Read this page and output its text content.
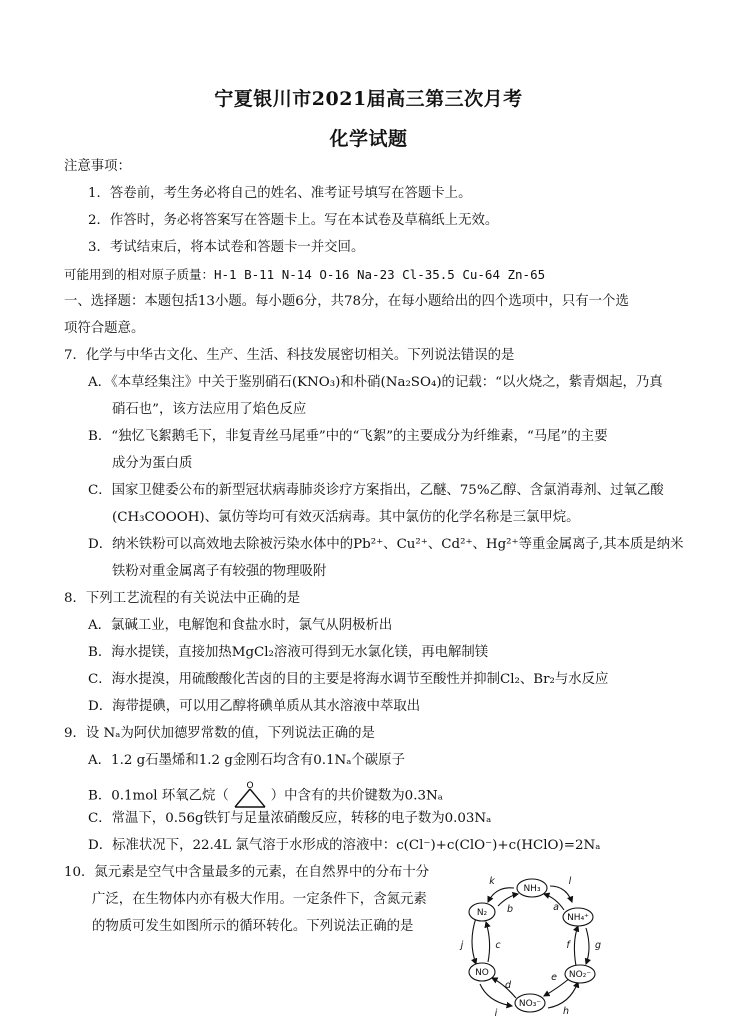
宁夏银川市2021届高三第三次月考
化学试题
注意事项：
1．答卷前，考生务必将自己的姓名、准考证号填写在答题卡上。
2．作答时，务必将答案写在答题卡上。写在本试卷及草稿纸上无效。
3．考试结束后，将本试卷和答题卡一并交回。
可能用到的相对原子质量：H-1 B-11 N-14 O-16 Na-23 Cl-35.5 Cu-64 Zn-65
一、选择题：本题包括13小题。每小题6分，共78分，在每小题给出的四个选项中，只有一个选
项符合题意。
7．化学与中华古文化、生产、生活、科技发展密切相关。下列说法错误的是
A．《本草经集注》中关于鉴别硝石(KNO₃)和朴硝(Na₂SO₄)的记载：“以火烧之，紫青烟起，乃真
硝石也”，该方法应用了焰色反应
B．“独忆飞絮鹅毛下，非复青丝马尾垂”中的“飞絮”的主要成分为纤维素，“马尾”的主要
成分为蛋白质
C．国家卫健委公布的新型冠状病毒肺炎诊疗方案指出，乙醚、75%乙醇、含氯消毒剂、过氧乙酸
(CH₃COOOH)、氯仿等均可有效灭活病毒。其中氯仿的化学名称是三氯甲烷。
D．纳米铁粉可以高效地去除被污染水体中的Pb²⁺、Cu²⁺、Cd²⁺、Hg²⁺等重金属离子,其本质是纳米
铁粉对重金属离子有较强的物理吸附
8．下列工艺流程的有关说法中正确的是
A．氯碱工业，电解饱和食盐水时，氯气从阴极析出
B．海水提镁，直接加热MgCl₂溶液可得到无水氯化镁，再电解制镁
C．海水提溴，用硫酸酸化苦卤的目的主要是将海水调节至酸性并抑制Cl₂、Br₂与水反应
D．海带提碘，可以用乙醇将碘单质从其水溶液中萃取出
9．设 Nₐ为阿伏加德罗常数的值，下列说法正确的是
A．1.2 g石墨烯和1.2 g金刚石均含有0.1Nₐ个碳原子
B．0.1mol 环氧乙烷（
O
）中含有的共价键数为0.3Nₐ
C．常温下，0.56g铁钉与足量浓硝酸反应，转移的电子数为0.03Nₐ
D．标准状况下，22.4L 氯气溶于水形成的溶液中：c(Cl⁻)+c(ClO⁻)+c(HClO)=2Nₐ
10．氮元素是空气中含量最多的元素，在自然界中的分布十分
广泛，在生物体内亦有极大作用。一定条件下，含氮元素
的物质可发生如图所示的循环转化。下列说法正确的是
NH₃
NH₄⁺
NO₂⁻
NO₃⁻
NO
N₂
k	l
a
b
f	g
j	c
d
e
i	h
